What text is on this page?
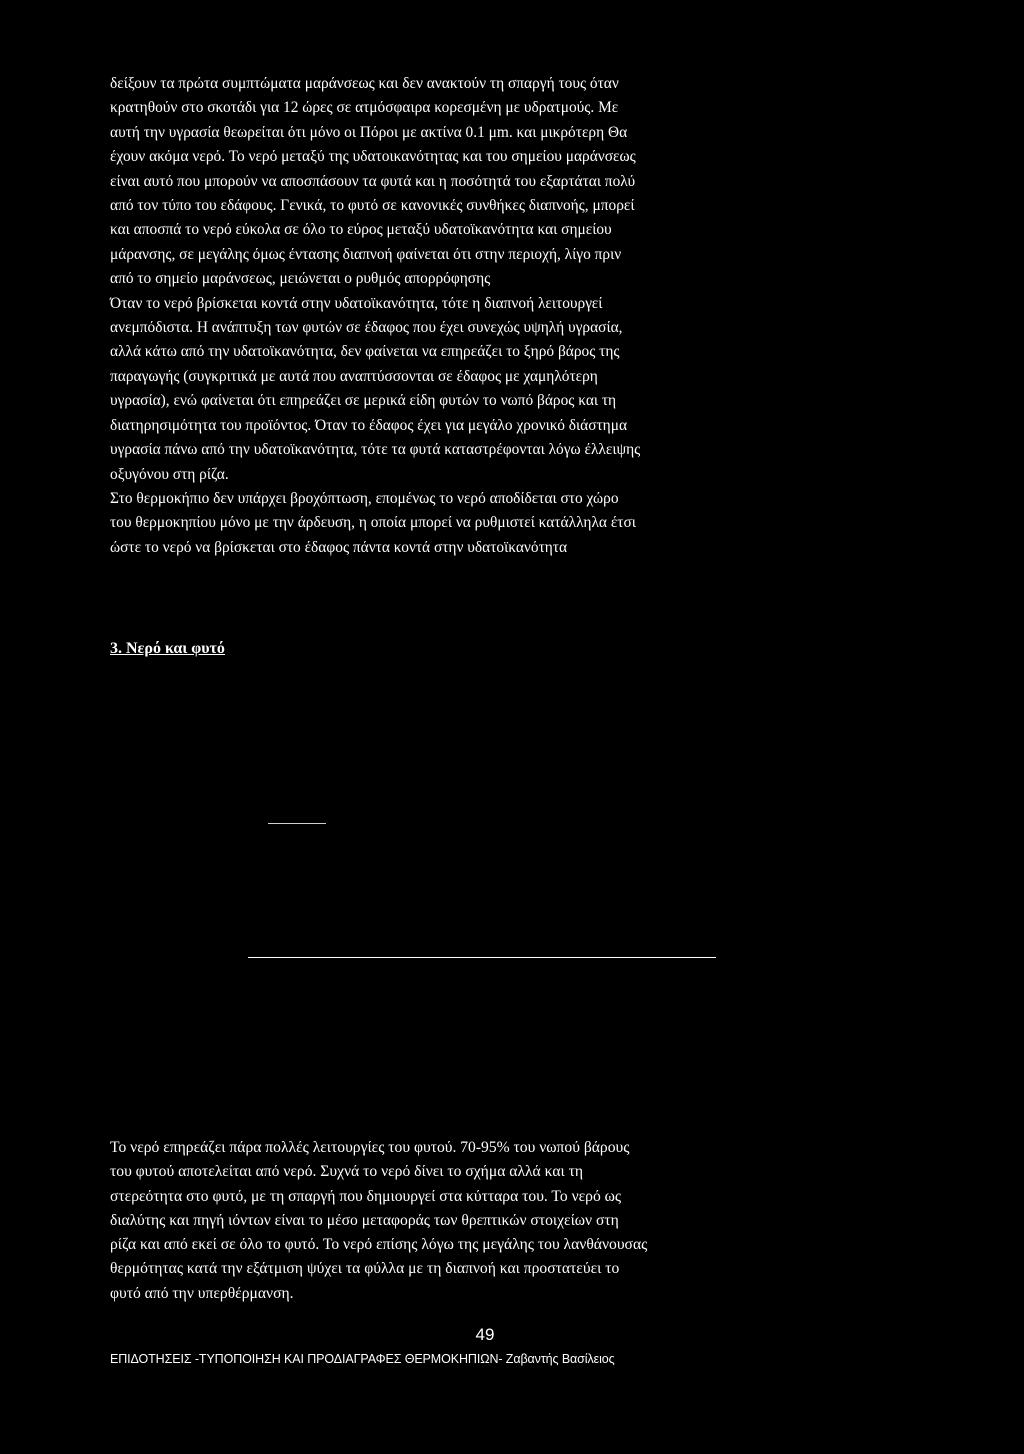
δείξουν τα πρώτα συμπτώματα μαράνσεως και δεν ανακτούν τη σπαργή τους όταν
κρατηθούν στο σκοτάδι για 12 ώρες σε ατμόσφαιρα κορεσμένη με υδρατμούς. Με
αυτή την υγρασία θεωρείται ότι μόνο οι Πόροι με ακτίνα 0.1 μm. και μικρότερη Θα
έχουν ακόμα νερό. Το νερό μεταξύ της υδατοικανότητας και του σημείου μαράνσεως
είναι αυτό που μπορούν να αποσπάσουν τα φυτά και η ποσότητά του εξαρτάται πολύ
από τον τύπο του εδάφους. Γενικά, το φυτό σε κανονικές συνθήκες διαπνοής, μπορεί
και αποσπά το νερό εύκολα σε όλο το εύρος μεταξύ υδατοϊκανότητα και σημείου
μάρανσης, σε μεγάλης όμως έντασης διαπνοή φαίνεται ότι στην περιοχή, λίγο πριν
από το σημείο μαράνσεως, μειώνεται ο ρυθμός απορρόφησης
Όταν το νερό βρίσκεται κοντά στην υδατοϊκανότητα, τότε η διαπνοή λειτουργεί
ανεμπόδιστα. Η ανάπτυξη των φυτών σε έδαφος που έχει συνεχώς υψηλή υγρασία,
αλλά κάτω από την υδατοϊκανότητα, δεν φαίνεται να επηρεάζει το ξηρό βάρος της
παραγωγής (συγκριτικά με αυτά που αναπτύσσονται σε έδαφος με χαμηλότερη
υγρασία), ενώ φαίνεται ότι επηρεάζει σε μερικά είδη φυτών το νωπό βάρος και τη
διατηρησιμότητα του προϊόντος. Όταν το έδαφος έχει για μεγάλο χρονικό διάστημα
υγρασία πάνω από την υδατοϊκανότητα, τότε τα φυτά καταστρέφονται λόγω έλλειψης
οξυγόνου στη ρίζα.
Στο θερμοκήπιο δεν υπάρχει βροχόπτωση, επομένως το νερό αποδίδεται στο χώρο
του θερμοκηπίου μόνο με την άρδευση, η οποία μπορεί να ρυθμιστεί κατάλληλα έτσι
ώστε το νερό να βρίσκεται στο έδαφος πάντα κοντά στην υδατοϊκανότητα
3. Νερό και φυτό
Το νερό επηρεάζει πάρα πολλές λειτουργίες του φυτού. 70-95% του νωπού βάρους
του φυτού αποτελείται από νερό. Συχνά το νερό δίνει το σχήμα αλλά και τη
στερεότητα στο φυτό, με τη σπαργή που δημιουργεί στα κύτταρα του. Το νερό ως
διαλύτης και πηγή ιόντων είναι το μέσο μεταφοράς των θρεπτικών στοιχείων στη
ρίζα και από εκεί σε όλο το φυτό. Το νερό επίσης λόγω της μεγάλης του λανθάνουσας
θερμότητας κατά την εξάτμιση ψύχει τα φύλλα με τη διαπνοή και προστατεύει το
φυτό από την υπερθέρμανση.
49
ΕΠΙΔΟΤΗΣΕΙΣ -ΤΥΠΟΠΟΙΗΣΗ ΚΑΙ ΠΡΟΔΙΑΓΡΑΦΕΣ ΘΕΡΜΟΚΗΠΙΩΝ- Ζαβαντής Βασίλειος
